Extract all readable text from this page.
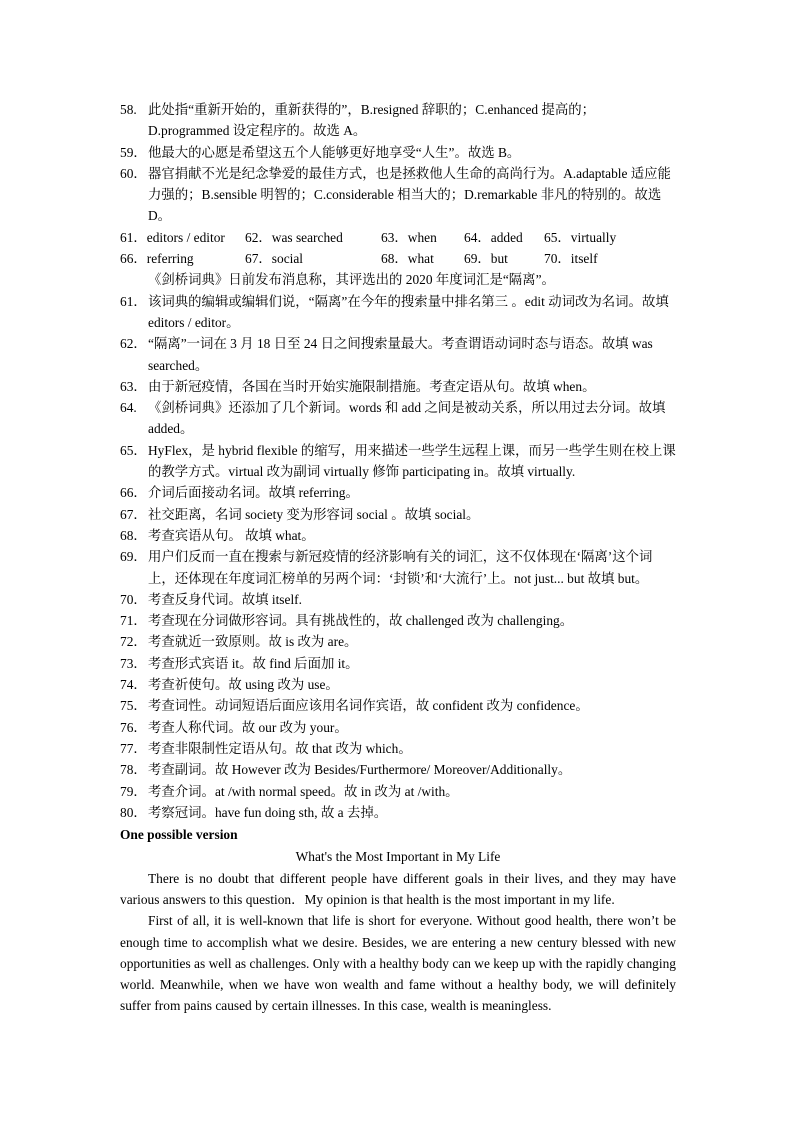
58. 此处指“重新开始的，重新获得的”，B.resigned 辞职的；C.enhanced 提高的；D.programmed 设定程序的。故选 A。
59． 他最大的心愿是希望这五个人能够更好地享受“人生”。故选 B。
60． 器官捐献不光是纪念挚爱的最佳方式，也是拯救他人生命的高尚行为。A.adaptable 适应能力强的；B.sensible 明智的；C.considerable 相当大的；D.remarkable 非凡的特别的。故选 D。
61．editors / editor	62．was searched	63．when	64．added	65．virtually
66．referring	67．social	68．what	69．but	70．itself
《剑桥词典》日前发布消息称，其评选出的 2020 年度词汇是“隔离”。
61． 该词典的编辑或编辑们说，“隔离”在今年的搜索量中排名第三 。edit 动词改为名词。故填 editors / editor。
62． “隔离”一词在 3 月 18 日至 24 日之间搜索量最大。考查谓语动词时态与语态。故填 was searched。
63． 由于新冠疫情，各国在当时开始实施限制措施。考查定语从句。故填 when。
64. 《剑桥词典》还添加了几个新词。words 和 add 之间是被动关系，所以用过去分词。故填 added。
65． HyFlex，是 hybrid flexible 的缩写，用来描述一些学生远程上课，而另一些学生则在校上课的教学方式。virtual 改为副词 virtually 修饰 participating in。故填 virtually.
66． 介词后面接动名词。故填 referring。
67． 社交距离，名词 society 变为形容词 social 。故填 social。
68． 考查宾语从句。 故填 what。
69． 用户们反而一直在搜索与新冠疫情的经济影响有关的词汇，这不仅体现在‘隔离’这个词上，还体现在年度词汇榜单的另两个词：‘封锁’和‘大流行’上。not just... but 故填 but。
70． 考查反身代词。故填 itself.
71． 考查现在分词做形容词。具有挑战性的，故 challenged 改为 challenging。
72． 考查就近一致原则。故 is 改为 are。
73． 考查形式宾语 it。故 find 后面加 it。
74． 考查祈使句。故 using 改为 use。
75． 考查词性。动词短语后面应该用名词作宾语，故 confident 改为 confidence。
76． 考查人称代词。故 our 改为 your。
77． 考查非限制性定语从句。故 that 改为 which。
78． 考查副词。故 However 改为 Besides/Furthermore/ Moreover/Additionally。
79． 考查介词。at /with normal speed。故 in 改为 at /with。
80． 考察冠词。have fun doing sth, 故 a 去掉。
One possible version
What's the Most Important in My Life
There is no doubt that different people have different goals in their lives, and they may have various answers to this question．My opinion is that health is the most important in my life.
First of all, it is well-known that life is short for everyone. Without good health, there won’t be enough time to accomplish what we desire. Besides, we are entering a new century blessed with new opportunities as well as challenges. Only with a healthy body can we keep up with the rapidly changing world. Meanwhile, when we have won wealth and fame without a healthy body, we will definitely suffer from pains caused by certain illnesses. In this case, wealth is meaningless.
